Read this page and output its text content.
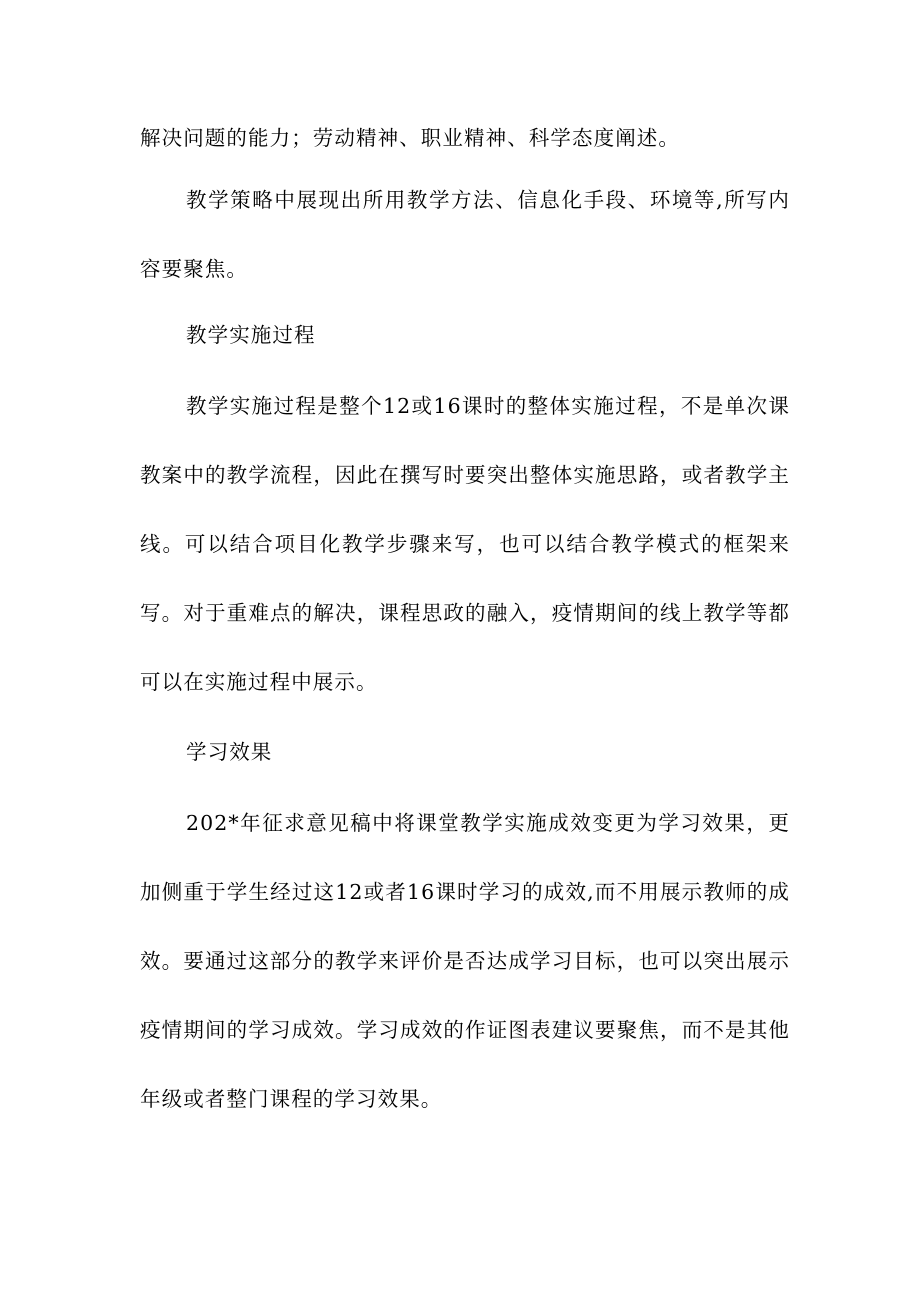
解决问题的能力；劳动精神、职业精神、科学态度阐述。

教学策略中展现出所用教学方法、信息化手段、环境等,所写内容要聚焦。

教学实施过程

教学实施过程是整个12或16课时的整体实施过程，不是单次课教案中的教学流程，因此在撰写时要突出整体实施思路，或者教学主线。可以结合项目化教学步骤来写，也可以结合教学模式的框架来写。对于重难点的解决，课程思政的融入，疫情期间的线上教学等都可以在实施过程中展示。

学习效果

202*年征求意见稿中将课堂教学实施成效变更为学习效果，更加侧重于学生经过这12或者16课时学习的成效,而不用展示教师的成效。要通过这部分的教学来评价是否达成学习目标，也可以突出展示疫情期间的学习成效。学习成效的作证图表建议要聚焦，而不是其他年级或者整门课程的学习效果。
